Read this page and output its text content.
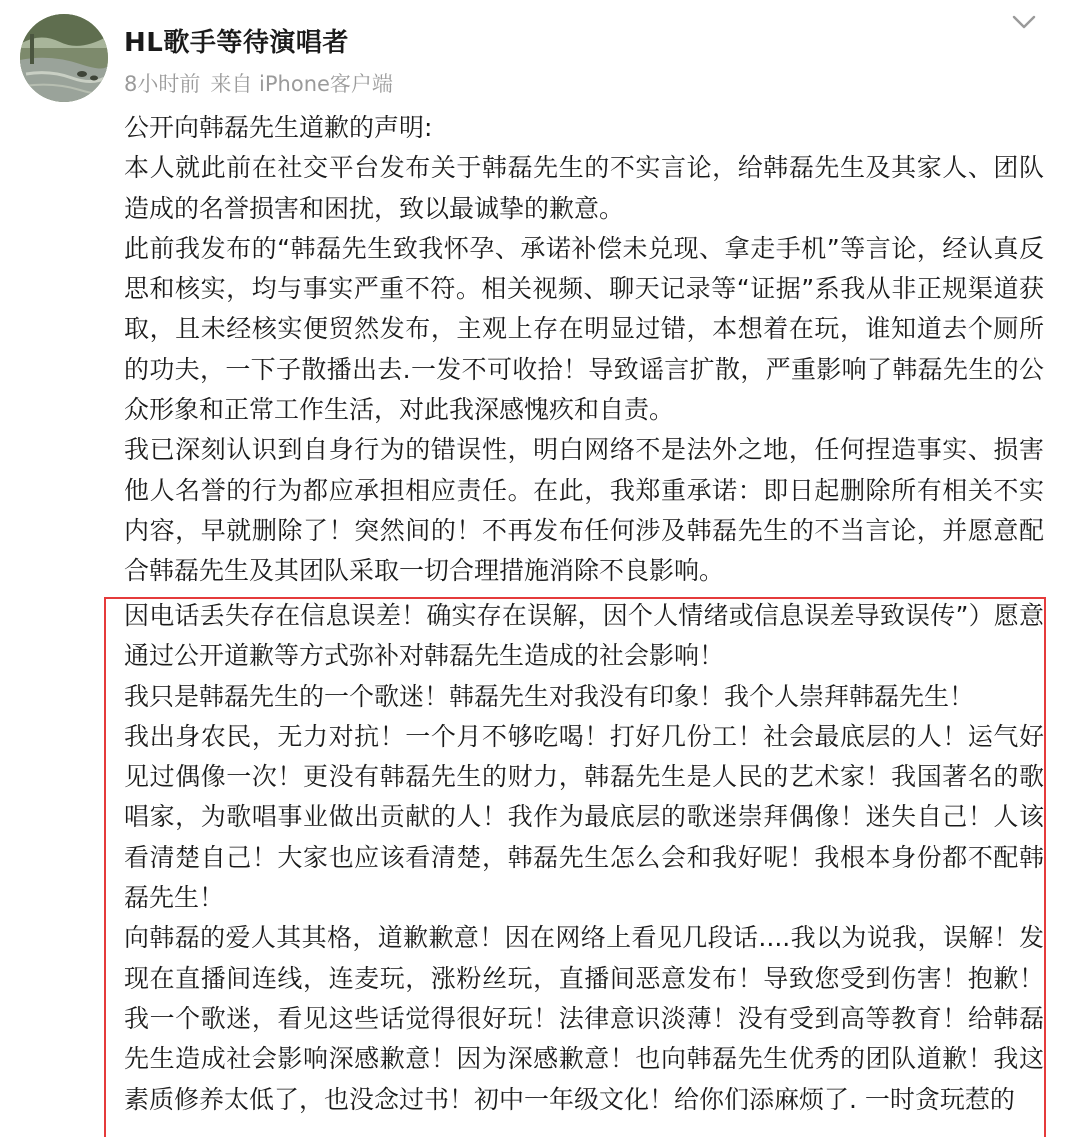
HL歌手等待演唱者
8小时前 来自 iPhone客户端

公开向韩磊先生道歉的声明:

本人就此前在社交平台发布关于韩磊先生的不实言论，给韩磊先生及其家人、团队造成的名誉损害和困扰，致以最诚挚的歉意。

此前我发布的“韩磊先生致我怀孕、承诺补偿未兑现、拿走手机”等言论，经认真反思和核实，均与事实严重不符。相关视频、聊天记录等“证据”系我从非正规渠道获取，且未经核实便贸然发布，主观上存在明显过错，本想着在玩，谁知道去个厕所的功夫，一下子散播出去.一发不可收拾！导致谣言扩散，严重影响了韩磊先生的公众形象和正常工作生活，对此我深感愧疚和自责。

我已深刻认识到自身行为的错误性，明白网络不是法外之地，任何捏造事实、损害他人名誉的行为都应承担相应责任。在此，我郑重承诺：即日起删除所有相关不实内容，早就删除了！突然间的！不再发布任何涉及韩磊先生的不当言论，并愿意配合韩磊先生及其团队采取一切合理措施消除不良影响。

因电话丢失存在信息误差！确实存在误解，因个人情绪或信息误差导致误传”）愿意通过公开道歉等方式弥补对韩磊先生造成的社会影响！

我只是韩磊先生的一个歌迷！韩磊先生对我没有印象！我个人崇拜韩磊先生！

我出身农民，无力对抗！一个月不够吃喝！打好几份工！社会最底层的人！运气好见过偶像一次！更没有韩磊先生的财力，韩磊先生是人民的艺术家！我国著名的歌唱家，为歌唱事业做出贡献的人！我作为最底层的歌迷崇拜偶像！迷失自己！人该看清楚自己！大家也应该看清楚，韩磊先生怎么会和我好呢！我根本身份都不配韩磊先生！

向韩磊的爱人其其格，道歉歉意！因在网络上看见几段话....我以为说我，误解！发现在直播间连线，连麦玩，涨粉丝玩，直播间恶意发布！导致您受到伤害！抱歉！我一个歌迷，看见这些话觉得很好玩！法律意识淡薄！没有受到高等教育！给韩磊先生造成社会影响深感歉意！因为深感歉意！也向韩磊先生优秀的团队道歉！我这素质修养太低了，也没念过书！初中一年级文化！给你们添麻烦了. 一时贪玩惹的
